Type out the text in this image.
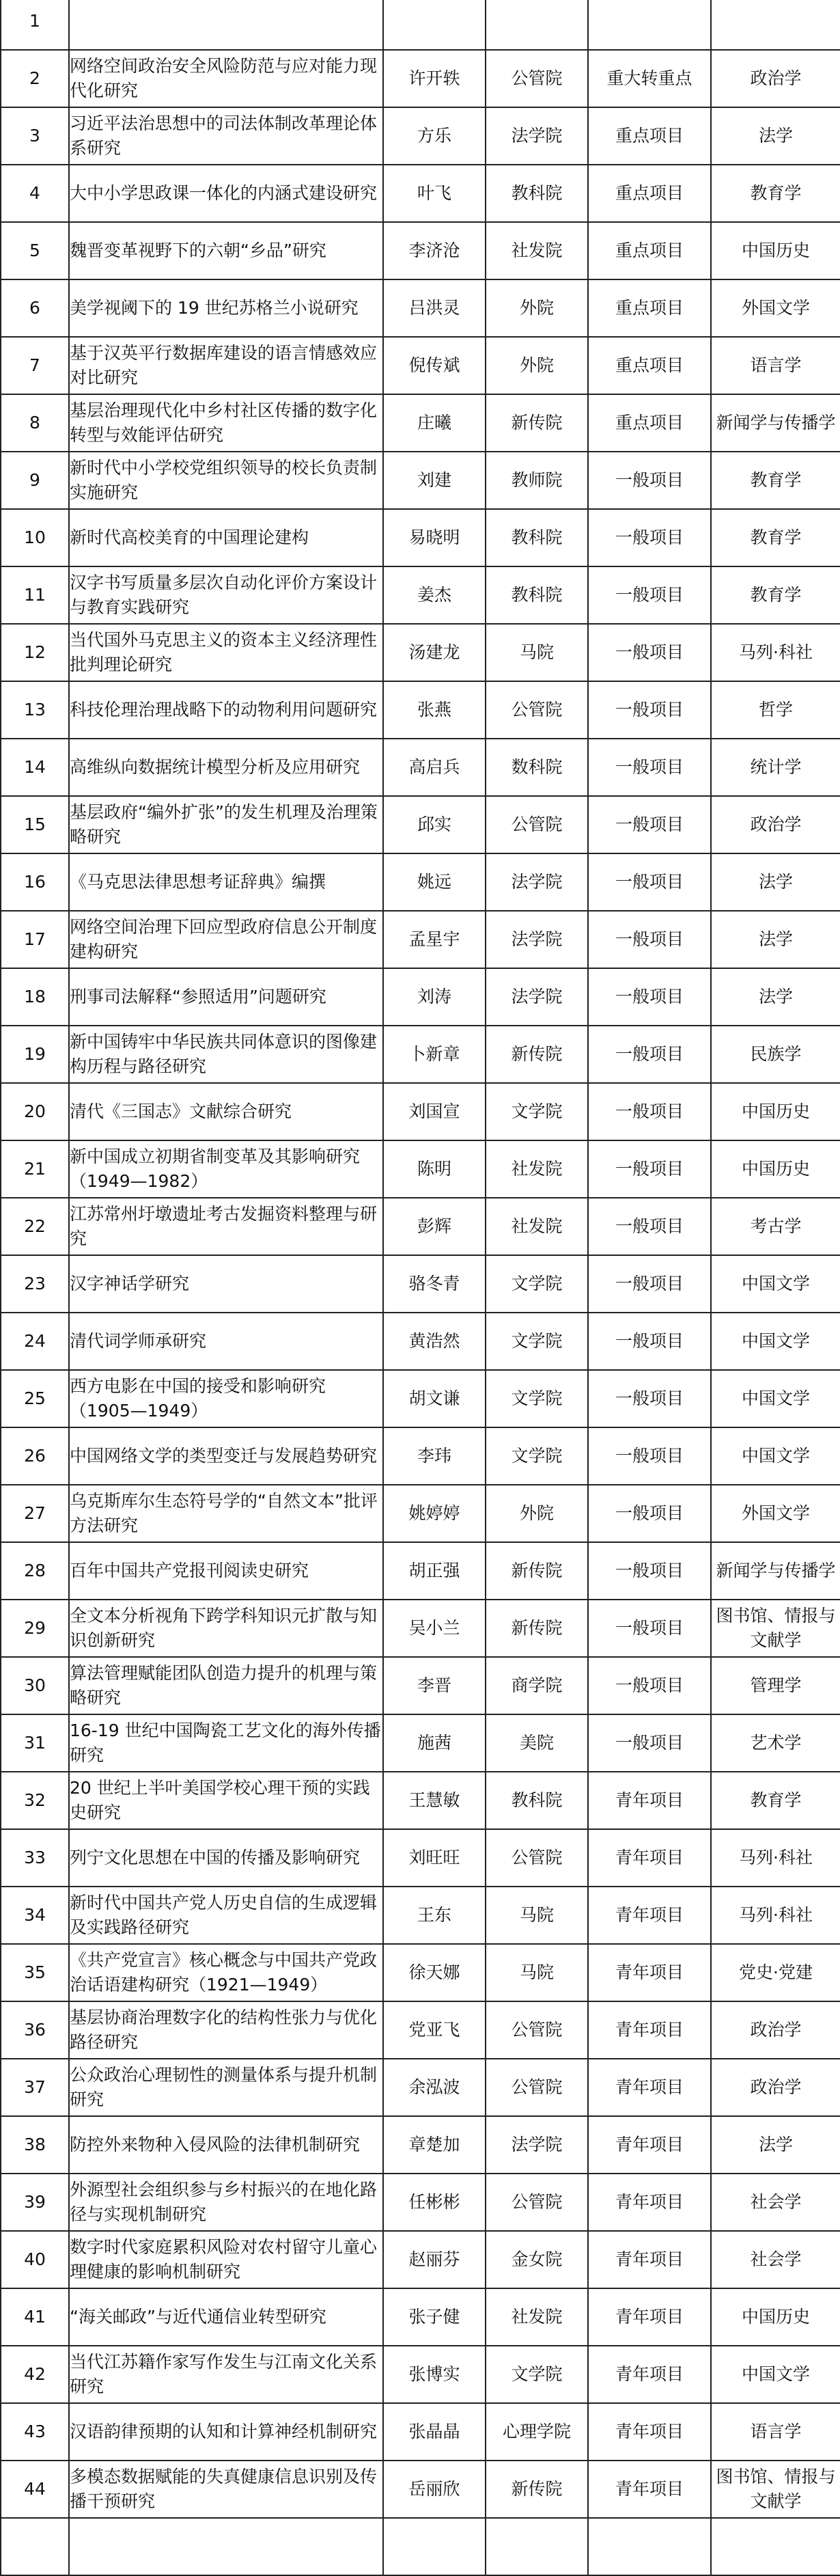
1					
2	网络空间政治安全风险防范与应对能力现代化研究	许开轶	公管院	重大转重点	政治学
3	习近平法治思想中的司法体制改革理论体系研究	方乐	法学院	重点项目	法学
4	大中小学思政课一体化的内涵式建设研究	叶飞	教科院	重点项目	教育学
5	魏晋变革视野下的六朝“乡品”研究	李济沧	社发院	重点项目	中国历史
6	美学视阈下的 19 世纪苏格兰小说研究	吕洪灵	外院	重点项目	外国文学
7	基于汉英平行数据库建设的语言情感效应对比研究	倪传斌	外院	重点项目	语言学
8	基层治理现代化中乡村社区传播的数字化转型与效能评估研究	庄曦	新传院	重点项目	新闻学与传播学
9	新时代中小学校党组织领导的校长负责制实施研究	刘建	教师院	一般项目	教育学
10	新时代高校美育的中国理论建构	易晓明	教科院	一般项目	教育学
11	汉字书写质量多层次自动化评价方案设计与教育实践研究	姜杰	教科院	一般项目	教育学
12	当代国外马克思主义的资本主义经济理性批判理论研究	汤建龙	马院	一般项目	马列·科社
13	科技伦理治理战略下的动物利用问题研究	张燕	公管院	一般项目	哲学
14	高维纵向数据统计模型分析及应用研究	高启兵	数科院	一般项目	统计学
15	基层政府“编外扩张”的发生机理及治理策略研究	邱实	公管院	一般项目	政治学
16	《马克思法律思想考证辞典》编撰	姚远	法学院	一般项目	法学
17	网络空间治理下回应型政府信息公开制度建构研究	孟星宇	法学院	一般项目	法学
18	刑事司法解释“参照适用”问题研究	刘涛	法学院	一般项目	法学
19	新中国铸牢中华民族共同体意识的图像建构历程与路径研究	卜新章	新传院	一般项目	民族学
20	清代《三国志》文献综合研究	刘国宣	文学院	一般项目	中国历史
21	新中国成立初期省制变革及其影响研究（1949—1982）	陈明	社发院	一般项目	中国历史
22	江苏常州圩墩遗址考古发掘资料整理与研究	彭辉	社发院	一般项目	考古学
23	汉字神话学研究	骆冬青	文学院	一般项目	中国文学
24	清代词学师承研究	黄浩然	文学院	一般项目	中国文学
25	西方电影在中国的接受和影响研究（1905—1949）	胡文谦	文学院	一般项目	中国文学
26	中国网络文学的类型变迁与发展趋势研究	李玮	文学院	一般项目	中国文学
27	乌克斯库尔生态符号学的“自然文本”批评方法研究	姚婷婷	外院	一般项目	外国文学
28	百年中国共产党报刊阅读史研究	胡正强	新传院	一般项目	新闻学与传播学
29	全文本分析视角下跨学科知识元扩散与知识创新研究	吴小兰	新传院	一般项目	图书馆、情报与文献学
30	算法管理赋能团队创造力提升的机理与策略研究	李晋	商学院	一般项目	管理学
31	16-19 世纪中国陶瓷工艺文化的海外传播研究	施茜	美院	一般项目	艺术学
32	20 世纪上半叶美国学校心理干预的实践史研究	王慧敏	教科院	青年项目	教育学
33	列宁文化思想在中国的传播及影响研究	刘旺旺	公管院	青年项目	马列·科社
34	新时代中国共产党人历史自信的生成逻辑及实践路径研究	王东	马院	青年项目	马列·科社
35	《共产党宣言》核心概念与中国共产党政治话语建构研究（1921—1949）	徐天娜	马院	青年项目	党史·党建
36	基层协商治理数字化的结构性张力与优化路径研究	党亚飞	公管院	青年项目	政治学
37	公众政治心理韧性的测量体系与提升机制研究	余泓波	公管院	青年项目	政治学
38	防控外来物种入侵风险的法律机制研究	章楚加	法学院	青年项目	法学
39	外源型社会组织参与乡村振兴的在地化路径与实现机制研究	任彬彬	公管院	青年项目	社会学
40	数字时代家庭累积风险对农村留守儿童心理健康的影响机制研究	赵丽芬	金女院	青年项目	社会学
41	“海关邮政”与近代通信业转型研究	张子健	社发院	青年项目	中国历史
42	当代江苏籍作家写作发生与江南文化关系研究	张博实	文学院	青年项目	中国文学
43	汉语韵律预期的认知和计算神经机制研究	张晶晶	心理学院	青年项目	语言学
44	多模态数据赋能的失真健康信息识别及传播干预研究	岳丽欣	新传院	青年项目	图书馆、情报与文献学
